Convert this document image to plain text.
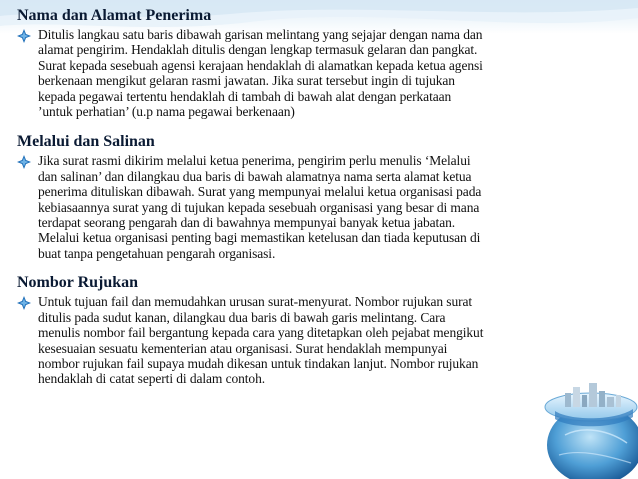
Nama dan Alamat Penerima

Ditulis langkau satu baris dibawah garisan melintang yang sejajar dengan nama dan
alamat pengirim. Hendaklah ditulis dengan lengkap termasuk gelaran dan pangkat.
Surat kepada sesebuah agensi kerajaan hendaklah di alamatkan kepada ketua agensi
berkenaan mengikut gelaran rasmi jawatan. Jika surat tersebut ingin di tujukan
kepada pegawai tertentu hendaklah di tambah di bawah alat dengan perkataan
’untuk perhatian’ (u.p nama pegawai berkenaan)

Melalui dan Salinan

Jika surat rasmi dikirim melalui ketua penerima, pengirim perlu menulis ‘Melalui
dan salinan’ dan dilangkau dua baris di bawah alamatnya nama serta alamat ketua
penerima dituliskan dibawah. Surat yang mempunyai melalui ketua organisasi pada
kebiasaannya surat yang di tujukan kepada sesebuah organisasi yang besar di mana
terdapat seorang pengarah dan di bawahnya mempunyai banyak ketua jabatan.
Melalui ketua organisasi penting bagi memastikan ketelusan dan tiada keputusan di
buat tanpa pengetahuan pengarah organisasi.

Nombor Rujukan

Untuk tujuan fail dan memudahkan urusan surat-menyurat. Nombor rujukan surat
ditulis pada sudut kanan, dilangkau dua baris di bawah garis melintang. Cara
menulis nombor fail bergantung kepada cara yang ditetapkan oleh pejabat mengikut
kesesuaian sesuatu kementerian atau organisasi. Surat hendaklah mempunyai
nombor rujukan fail supaya mudah dikesan untuk tindakan lanjut. Nombor rujukan
hendaklah di catat seperti di dalam contoh.
